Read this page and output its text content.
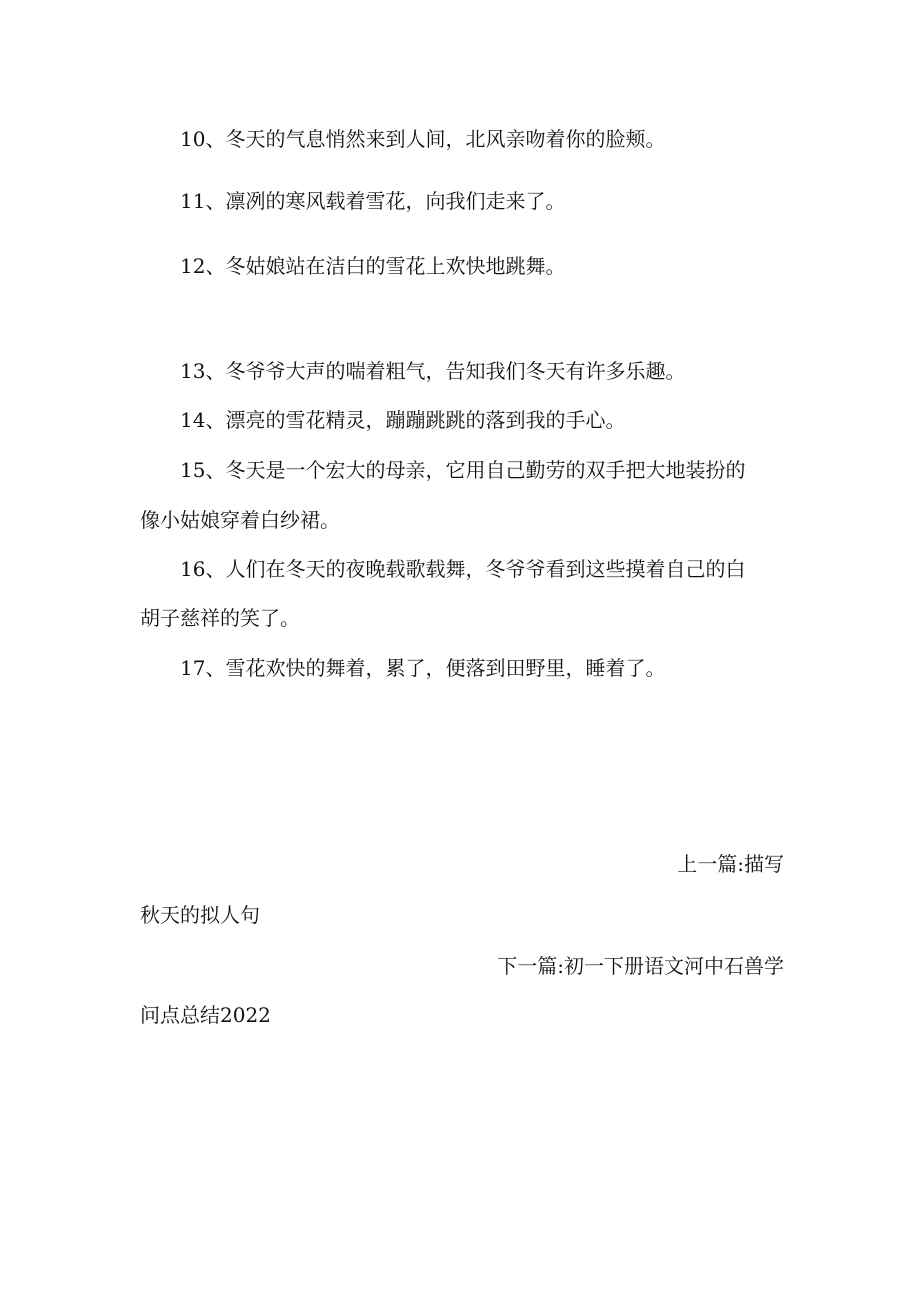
10、冬天的气息悄然来到人间，北风亲吻着你的脸颊。
11、凛冽的寒风载着雪花，向我们走来了。
12、冬姑娘站在洁白的雪花上欢快地跳舞。
13、冬爷爷大声的喘着粗气，告知我们冬天有许多乐趣。
14、漂亮的雪花精灵，蹦蹦跳跳的落到我的手心。
15、冬天是一个宏大的母亲，它用自己勤劳的双手把大地装扮的
像小姑娘穿着白纱裙。
16、人们在冬天的夜晚载歌载舞，冬爷爷看到这些摸着自己的白
胡子慈祥的笑了。
17、雪花欢快的舞着，累了，便落到田野里，睡着了。
上一篇:描写
秋天的拟人句
下一篇:初一下册语文河中石兽学
问点总结2022
